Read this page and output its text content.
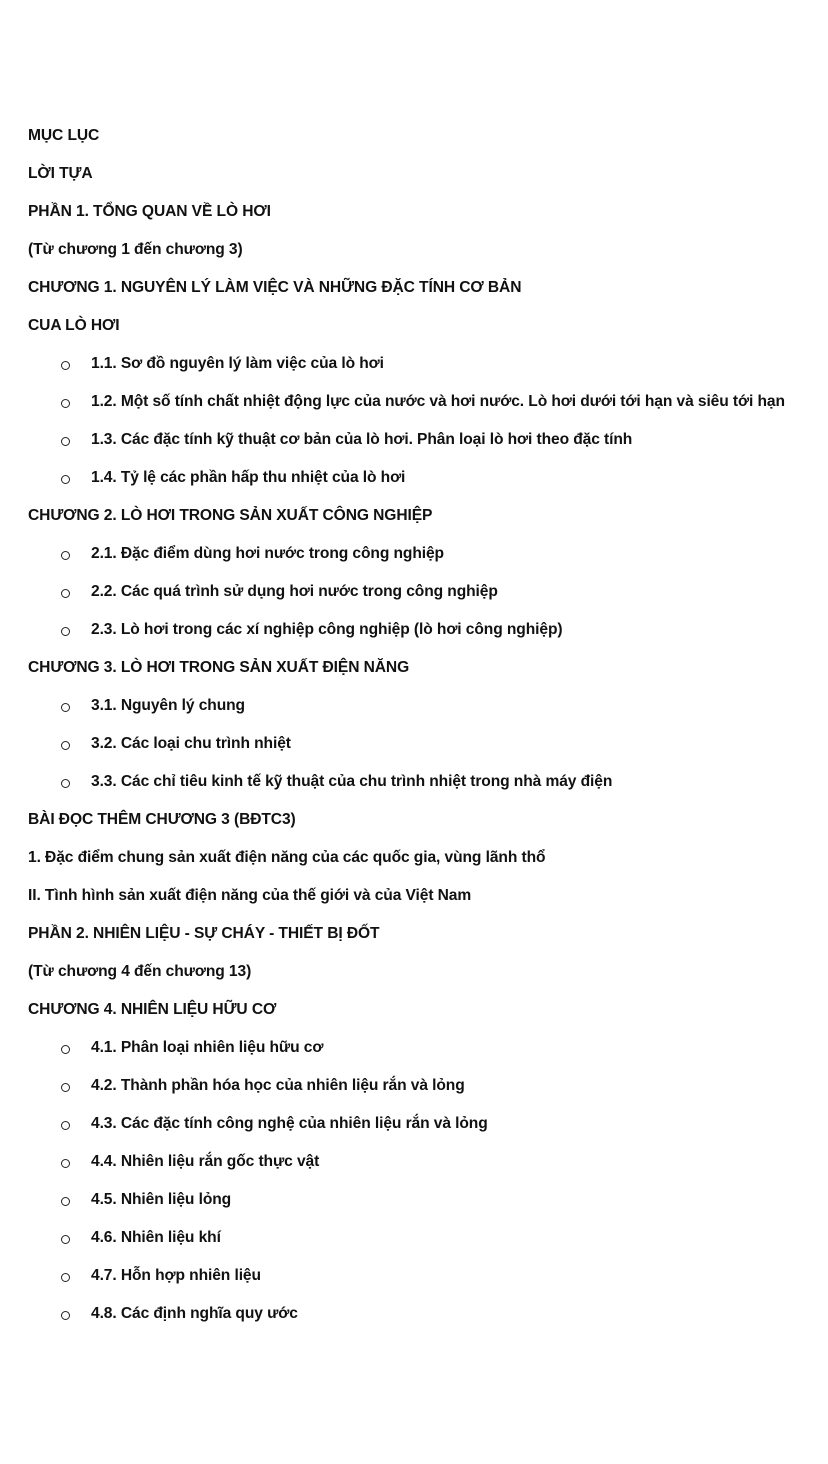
MỤC LỤC
LỜI TỰA
PHẦN 1. TỔNG QUAN VỀ LÒ HƠI
(Từ chương 1 đến chương 3)
CHƯƠNG 1. NGUYÊN LÝ LÀM VIỆC VÀ NHỮNG ĐẶC TÍNH CƠ BẢN
CUA LÒ HƠI
1.1. Sơ đồ nguyên lý làm việc của lò hơi
1.2. Một số tính chất nhiệt động lực của nước và hơi nước. Lò hơi dưới tới hạn và siêu tới hạn
1.3. Các đặc tính kỹ thuật cơ bản của lò hơi. Phân loại lò hơi theo đặc tính
1.4. Tỷ lệ các phần hấp thu nhiệt của lò hơi
CHƯƠNG 2. LÒ HƠI TRONG SẢN XUẤT CÔNG NGHIỆP
2.1. Đặc điểm dùng hơi nước trong công nghiệp
2.2. Các quá trình sử dụng hơi nước trong công nghiệp
2.3. Lò hơi trong các xí nghiệp công nghiệp (lò hơi công nghiệp)
CHƯƠNG 3. LÒ HƠI TRONG SẢN XUẤT ĐIỆN NĂNG
3.1. Nguyên lý chung
3.2. Các loại chu trình nhiệt
3.3. Các chỉ tiêu kinh tế kỹ thuật của chu trình nhiệt trong nhà máy điện
BÀI ĐỌC THÊM CHƯƠNG 3 (BĐTC3)
1. Đặc điểm chung sản xuất điện năng của các quốc gia, vùng lãnh thổ
II. Tình hình sản xuất điện năng của thế giới và của Việt Nam
PHẦN 2. NHIÊN LIỆU - SỰ CHÁY - THIẾT BỊ ĐỐT
(Từ chương 4 đến chương 13)
CHƯƠNG 4. NHIÊN LIỆU HỮU CƠ
4.1. Phân loại nhiên liệu hữu cơ
4.2. Thành phần hóa học của nhiên liệu rắn và lỏng
4.3. Các đặc tính công nghệ của nhiên liệu rắn và lỏng
4.4. Nhiên liệu rắn gốc thực vật
4.5. Nhiên liệu lỏng
4.6. Nhiên liệu khí
4.7. Hỗn hợp nhiên liệu
4.8. Các định nghĩa quy ước
